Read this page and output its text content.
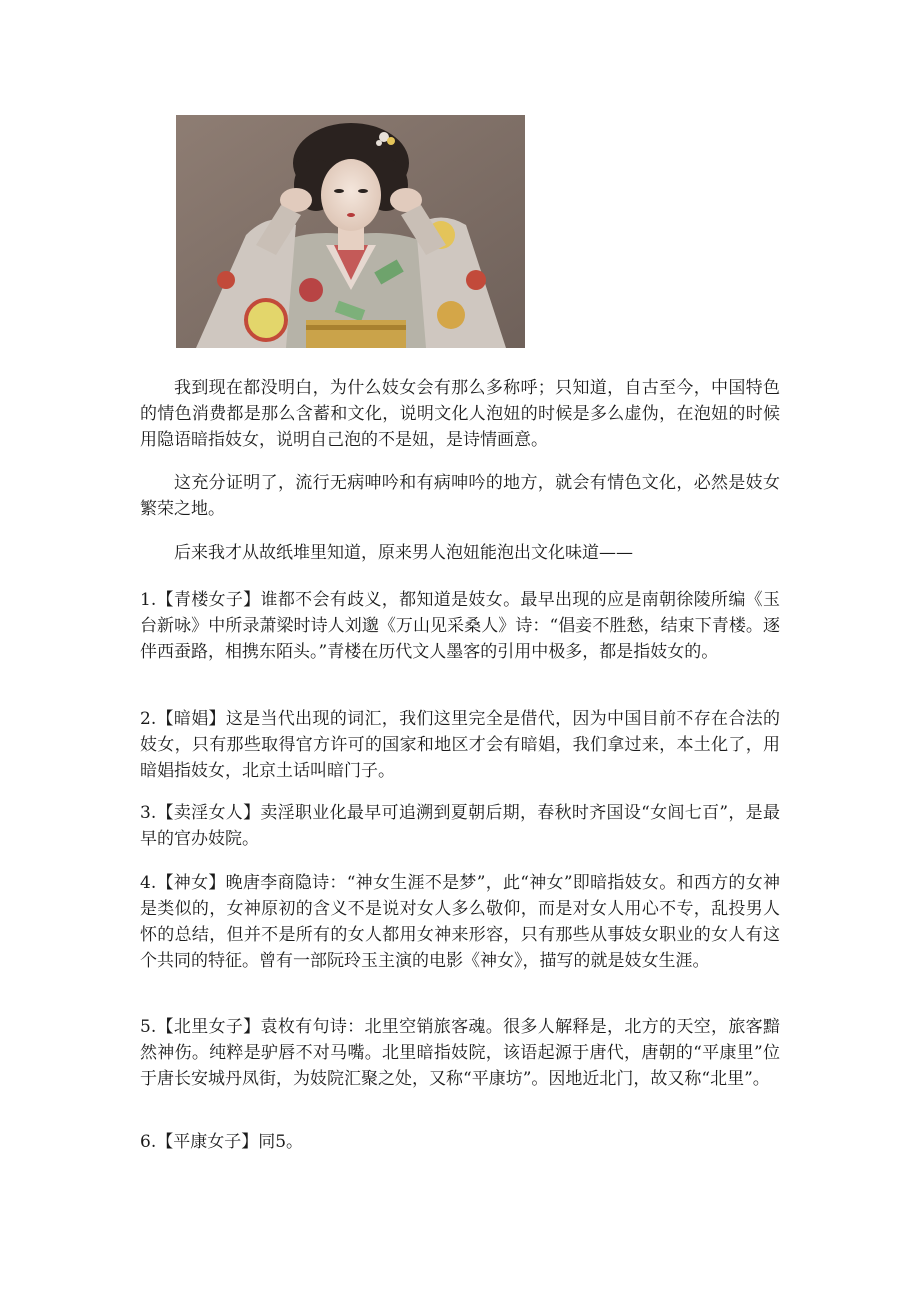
我到现在都没明白，为什么妓女会有那么多称呼；只知道，自古至今，中国特色的情色消费都是那么含蓄和文化，说明文化人泡妞的时候是多么虚伪，在泡妞的时候用隐语暗指妓女，说明自己泡的不是妞，是诗情画意。
这充分证明了，流行无病呻吟和有病呻吟的地方，就会有情色文化，必然是妓女繁荣之地。
后来我才从故纸堆里知道，原来男人泡妞能泡出文化味道——
1.【青楼女子】谁都不会有歧义，都知道是妓女。最早出现的应是南朝徐陵所编《玉台新咏》中所录萧梁时诗人刘邈《万山见采桑人》诗：“倡妾不胜愁，结束下青楼。逐伴西蚕路，相携东陌头。”青楼在历代文人墨客的引用中极多，都是指妓女的。
2.【暗娼】这是当代出现的词汇，我们这里完全是借代，因为中国目前不存在合法的妓女，只有那些取得官方许可的国家和地区才会有暗娼，我们拿过来，本土化了，用暗娼指妓女，北京土话叫暗门子。
3.【卖淫女人】卖淫职业化最早可追溯到夏朝后期，春秋时齐国设“女闾七百”，是最早的官办妓院。
4.【神女】晚唐李商隐诗：“神女生涯不是梦”，此“神女”即暗指妓女。和西方的女神是类似的，女神原初的含义不是说对女人多么敬仰，而是对女人用心不专，乱投男人怀的总结，但并不是所有的女人都用女神来形容，只有那些从事妓女职业的女人有这个共同的特征。曾有一部阮玲玉主演的电影《神女》，描写的就是妓女生涯。
5.【北里女子】袁枚有句诗：北里空销旅客魂。很多人解释是，北方的天空，旅客黯然神伤。纯粹是驴唇不对马嘴。北里暗指妓院，该语起源于唐代，唐朝的“平康里”位于唐长安城丹凤街，为妓院汇聚之处，又称“平康坊”。因地近北门，故又称“北里”。
6.【平康女子】同5。
